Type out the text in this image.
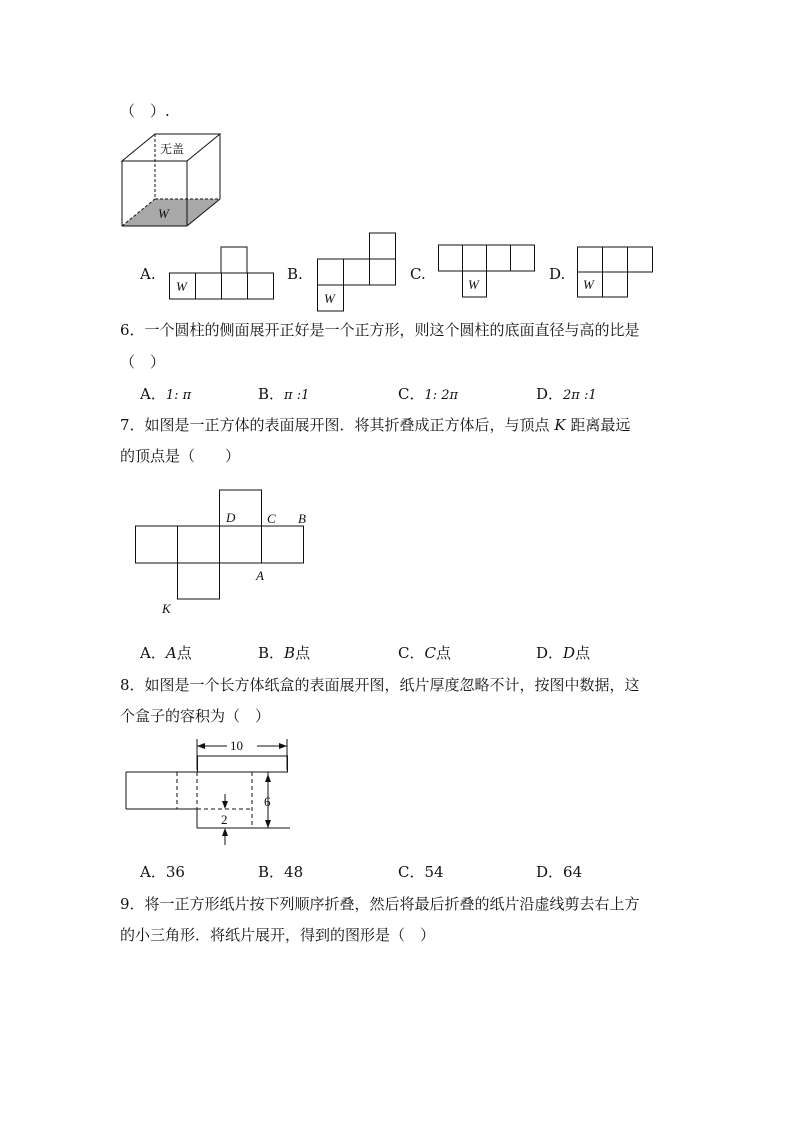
（　）.
无盖
W
A.
W
B.
W
C.
W
D.
W
6．一个圆柱的侧面展开正好是一个正方形，则这个圆柱的底面直径与高的比是
（　）
A．1: π	B．π :1	C．1: 2π	D．2π :1
7．如图是一正方体的表面展开图．将其折叠成正方体后，与顶点 K 距离最远
的顶点是（　　）
D C B
A
K
A．A点	B．B点	C．C点	D．D点
8．如图是一个长方体纸盒的表面展开图，纸片厚度忽略不计，按图中数据，这
个盒子的容积为（　）
10
6
2
A．36	B．48	C．54	D．64
9．将一正方形纸片按下列顺序折叠，然后将最后折叠的纸片沿虚线剪去右上方
的小三角形．将纸片展开，得到的图形是（　）
